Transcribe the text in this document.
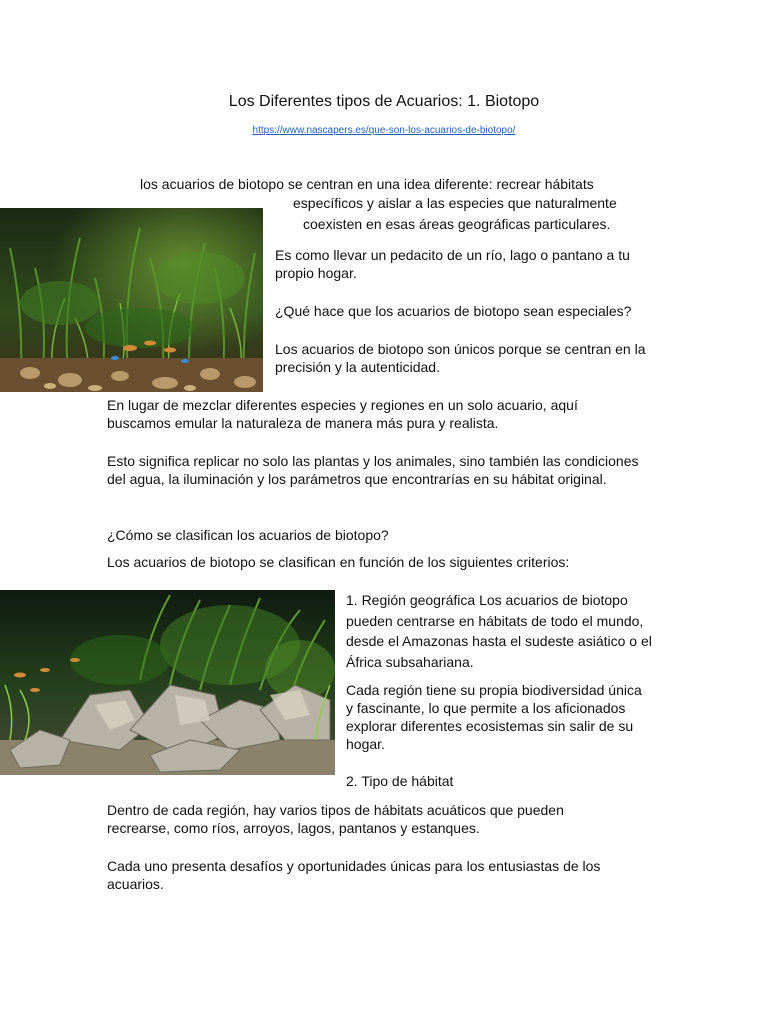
Los Diferentes tipos de Acuarios: 1. Biotopo
https://www.nascapers.es/que-son-los-acuarios-de-biotopo/
los acuarios de biotopo se centran en una idea diferente: recrear hábitats
específicos y aislar a las especies que naturalmente
coexisten en esas áreas geográficas particulares.

Es como llevar un pedacito de un río, lago o pantano a tu propio hogar.

¿Qué hace que los acuarios de biotopo sean especiales?

Los acuarios de biotopo son únicos porque se centran en la precisión y la autenticidad.

En lugar de mezclar diferentes especies y regiones en un solo acuario, aquí buscamos emular la naturaleza de manera más pura y realista.

Esto significa replicar no solo las plantas y los animales, sino también las condiciones del agua, la iluminación y los parámetros que encontrarías en su hábitat original.

¿Cómo se clasifican los acuarios de biotopo?

Los acuarios de biotopo se clasifican en función de los siguientes criterios:

1. Región geográfica Los acuarios de biotopo pueden centrarse en hábitats de todo el mundo, desde el Amazonas hasta el sudeste asiático o el África subsahariana.

Cada región tiene su propia biodiversidad única y fascinante, lo que permite a los aficionados explorar diferentes ecosistemas sin salir de su hogar.

2. Tipo de hábitat

Dentro de cada región, hay varios tipos de hábitats acuáticos que pueden recrearse, como ríos, arroyos, lagos, pantanos y estanques.

Cada uno presenta desafíos y oportunidades únicas para los entusiastas de los acuarios.
